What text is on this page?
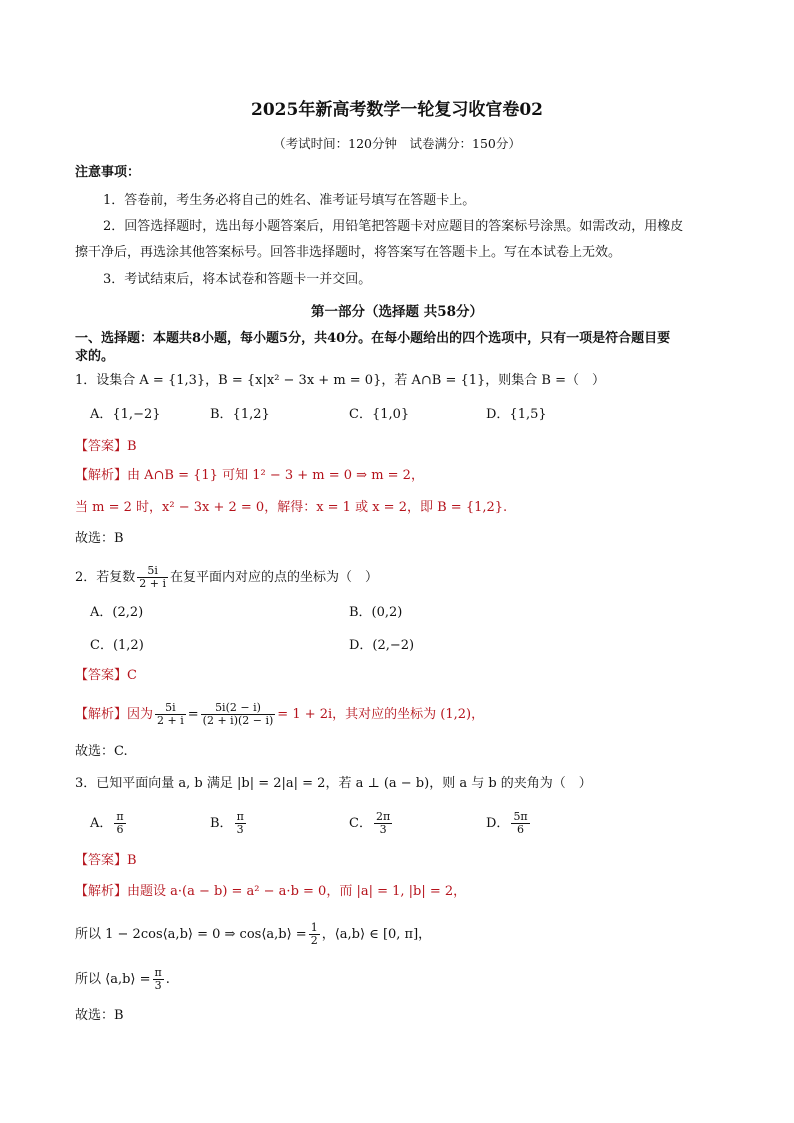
2025年新高考数学一轮复习收官卷02
（考试时间：120分钟　试卷满分：150分）
注意事项：
1．答卷前，考生务必将自己的姓名、准考证号填写在答题卡上。
2．回答选择题时，选出每小题答案后，用铅笔把答题卡对应题目的答案标号涂黑。如需改动，用橡皮
擦干净后，再选涂其他答案标号。回答非选择题时，将答案写在答题卡上。写在本试卷上无效。
3．考试结束后，将本试卷和答题卡一并交回。
第一部分（选择题 共58分）
一、选择题：本题共8小题，每小题5分，共40分。在每小题给出的四个选项中，只有一项是符合题目要
求的。
1．设集合 A = {1,3}，B = {x|x² − 3x + m = 0}，若 A∩B = {1}，则集合 B =（　）
A．{1,−2}	B．{1,2}	C．{1,0}	D．{1,5}
【答案】B
【解析】由 A∩B = {1} 可知 1² − 3 + m = 0 ⇒ m = 2，
当 m = 2 时，x² − 3x + 2 = 0，解得：x = 1 或 x = 2，即 B = {1,2}.
故选：B
2．若复数 $\frac{5i}{2 + i}$ 在复平面内对应的点的坐标为（　）
A．(2,2)	B．(0,2)
C．(1,2)	D．(2,−2)
【答案】C
【解析】因为 $\frac{5i}{2 + i} = \frac{5i(2 - i)}{(2 + i)(2 - i)} = 1 + 2i$，其对应的坐标为 (1,2)，
故选：C.
3．已知平面向量 a, b 满足 |b| = 2|a| = 2，若 a ⊥ (a − b)，则 a 与 b 的夹角为（　）
A． $\frac{\pi}{6}$	B． $\frac{\pi}{3}$	C． $\frac{2\pi}{3}$	D． $\frac{5\pi}{6}$
【答案】B
【解析】由题设 a·(a − b) = a² − a·b = 0，而 |a| = 1, |b| = 2，
所以 1 − 2cos⟨a,b⟩ = 0 ⇒ cos⟨a,b⟩ = $\frac{1}{2}$ ，⟨a,b⟩ ∈ [0, π]，
所以 ⟨a,b⟩ = $\frac{\pi}{3}$ .
故选：B
